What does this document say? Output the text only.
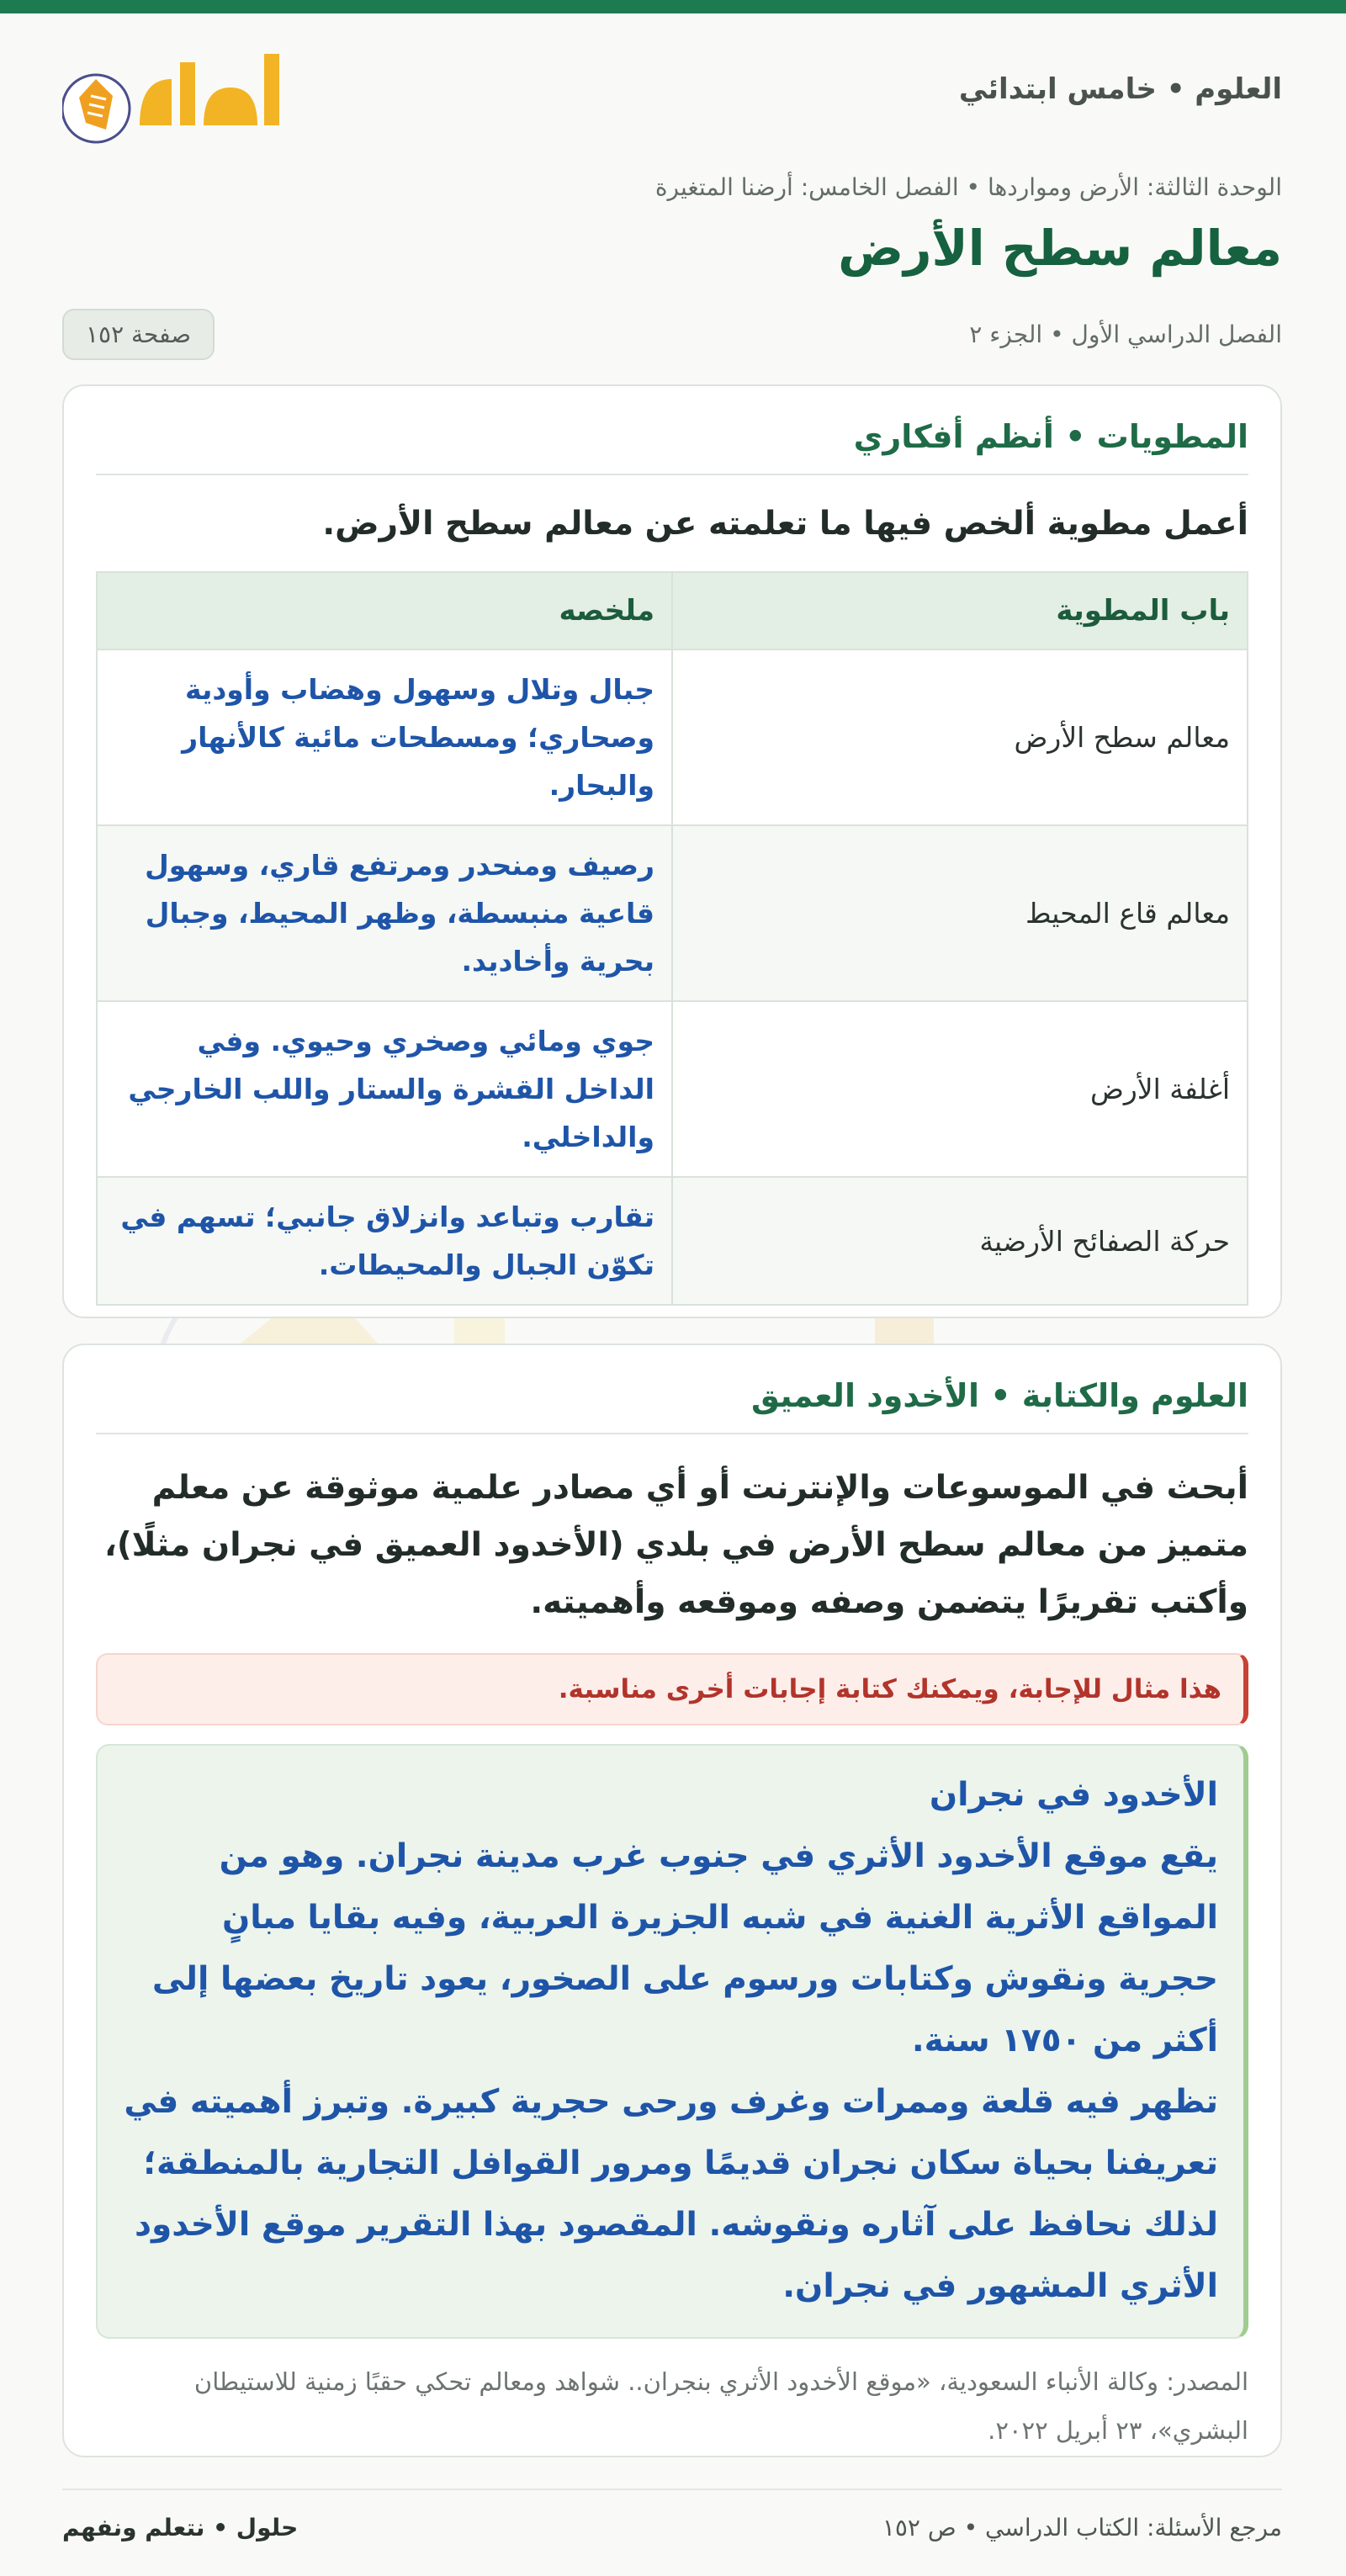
العلوم • خامس ابتدائي
الوحدة الثالثة: الأرض ومواردها • الفصل الخامس: أرضنا المتغيرة
معالم سطح الأرض
الفصل الدراسي الأول • الجزء ٢
صفحة ١٥٢
المطويات • أنظم أفكاري

أعمل مطوية ألخص فيها ما تعلمته عن معالم سطح الأرض.

باب المطوية	ملخصه
معالم سطح الأرض	جبال وتلال وسهول وهضاب وأودية وصحاري؛ ومسطحات مائية كالأنهار والبحار.
معالم قاع المحيط	رصيف ومنحدر ومرتفع قاري، وسهول قاعية منبسطة، وظهر المحيط، وجبال بحرية وأخاديد.
أغلفة الأرض	جوي ومائي وصخري وحيوي. وفي الداخل القشرة والستار واللب الخارجي والداخلي.
حركة الصفائح الأرضية	تقارب وتباعد وانزلاق جانبي؛ تسهم في تكوّن الجبال والمحيطات.
العلوم والكتابة • الأخدود العميق

أبحث في الموسوعات والإنترنت أو أي مصادر علمية موثوقة عن معلم متميز من معالم سطح الأرض في بلدي (الأخدود العميق في نجران مثلًا)، وأكتب تقريرًا يتضمن وصفه وموقعه وأهميته.

هذا مثال للإجابة، ويمكنك كتابة إجابات أخرى مناسبة.
الأخدود في نجران
يقع موقع الأخدود الأثري في جنوب غرب مدينة نجران. وهو من المواقع الأثرية الغنية في شبه الجزيرة العربية، وفيه بقايا مبانٍ حجرية ونقوش وكتابات ورسوم على الصخور، يعود تاريخ بعضها إلى أكثر من ١٧٥٠ سنة.
تظهر فيه قلعة وممرات وغرف ورحى حجرية كبيرة. وتبرز أهميته في تعريفنا بحياة سكان نجران قديمًا ومرور القوافل التجارية بالمنطقة؛ لذلك نحافظ على آثاره ونقوشه. المقصود بهذا التقرير موقع الأخدود الأثري المشهور في نجران.
المصدر: وكالة الأنباء السعودية، «موقع الأخدود الأثري بنجران.. شواهد ومعالم تحكي حقبًا زمنية للاستيطان البشري»، ٢٣ أبريل ٢٠٢٢.
مرجع الأسئلة: الكتاب الدراسي • ص ١٥٢
حلول • نتعلم ونفهم
